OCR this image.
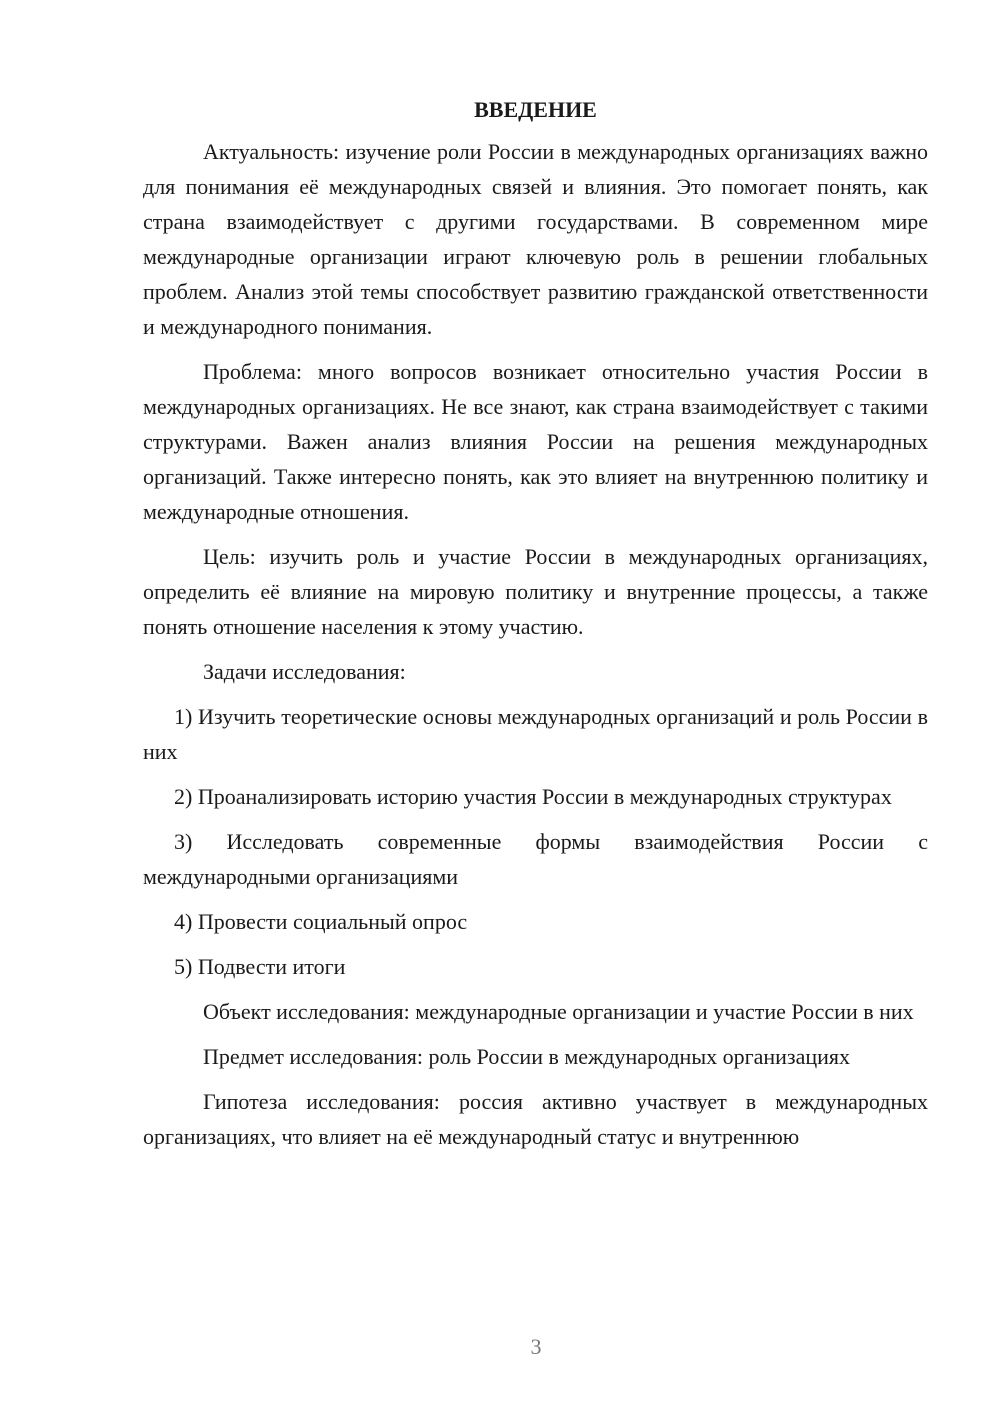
ВВЕДЕНИЕ

Актуальность: изучение роли России в международных организациях важно для понимания её международных связей и влияния. Это помогает понять, как страна взаимодействует с другими государствами. В современном мире международные организации играют ключевую роль в решении глобальных проблем. Анализ этой темы способствует развитию гражданской ответственности и международного понимания.

Проблема: много вопросов возникает относительно участия России в международных организациях. Не все знают, как страна взаимодействует с такими структурами. Важен анализ влияния России на решения международных организаций. Также интересно понять, как это влияет на внутреннюю политику и международные отношения.

Цель: изучить роль и участие России в международных организациях, определить её влияние на мировую политику и внутренние процессы, а также понять отношение населения к этому участию.

Задачи исследования:

1) Изучить теоретические основы международных организаций и роль России в них

2) Проанализировать историю участия России в международных структурах

3) Исследовать современные формы взаимодействия России с международными организациями

4) Провести социальный опрос

5) Подвести итоги

Объект исследования: международные организации и участие России в них

Предмет исследования: роль России в международных организациях

Гипотеза исследования: россия активно участвует в международных организациях, что влияет на её международный статус и внутреннюю

3
